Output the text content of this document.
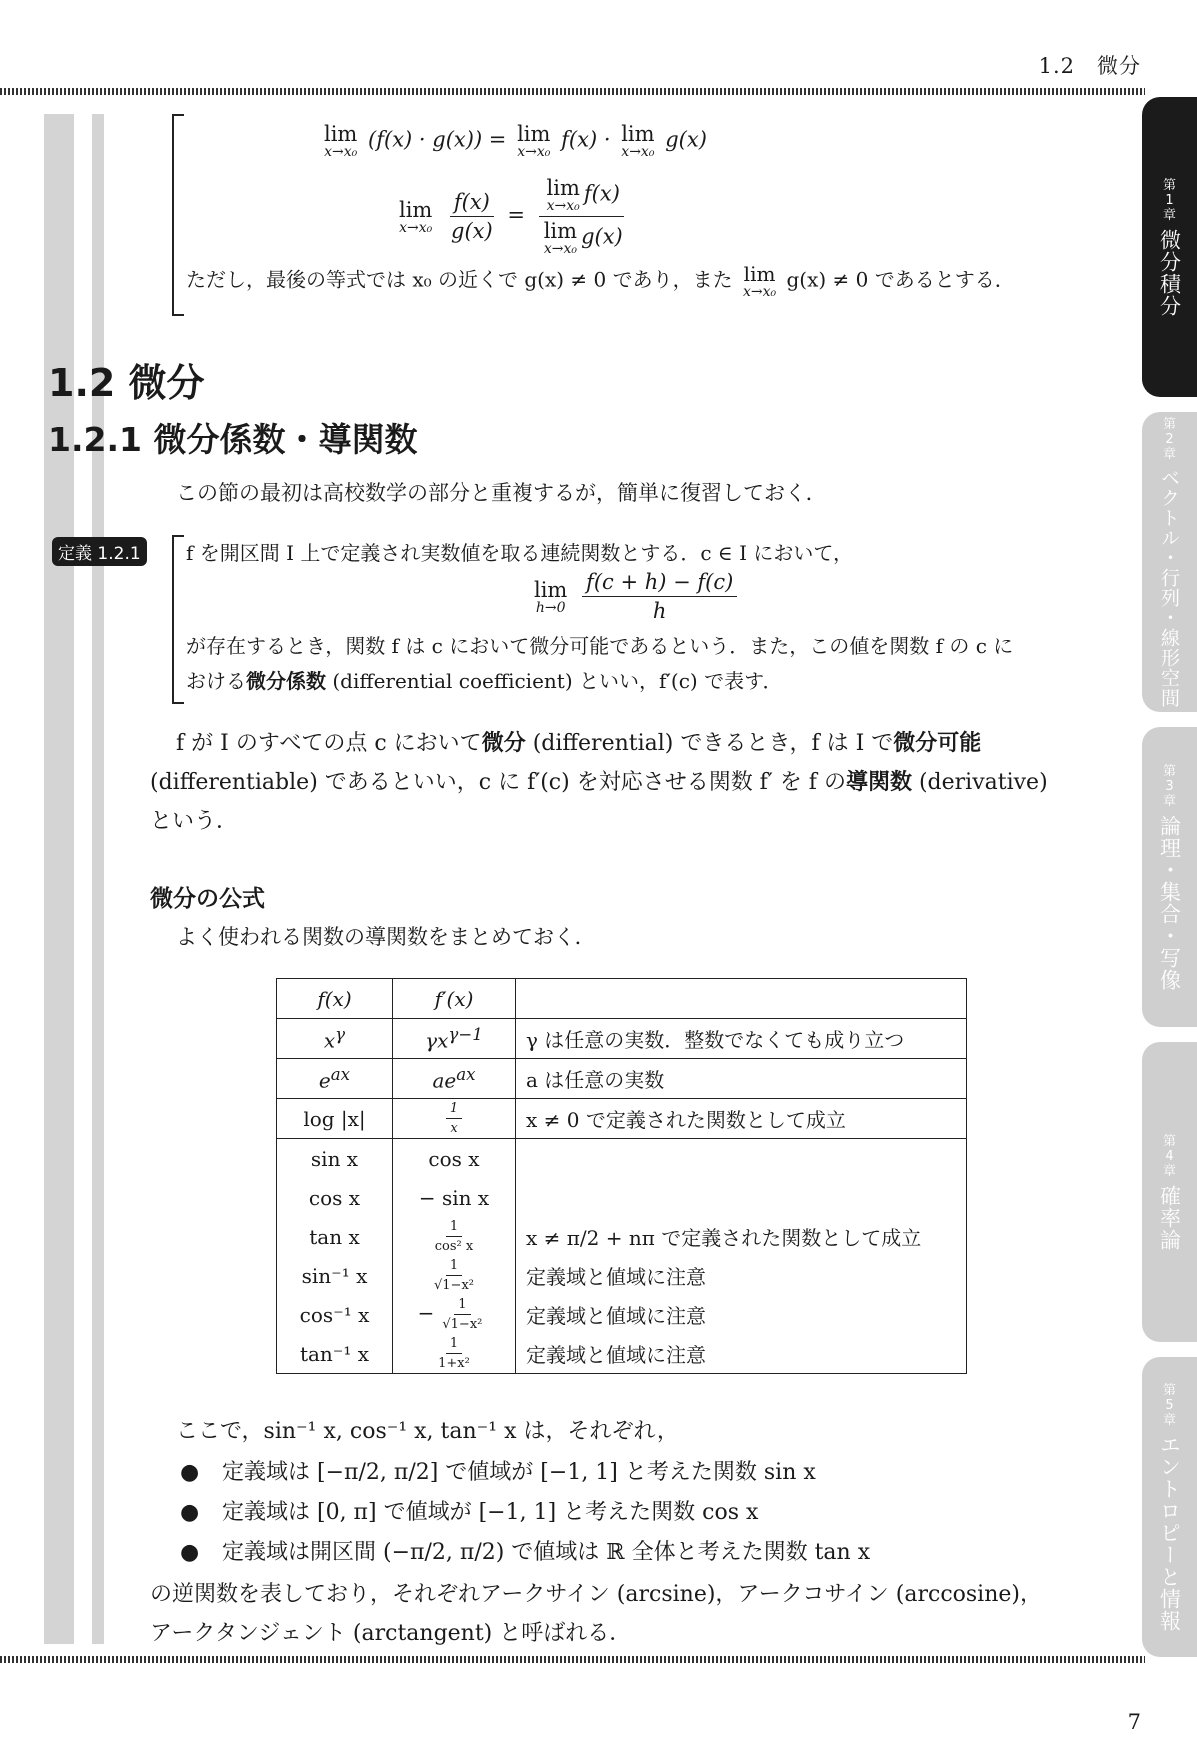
1.2　微分
第1章
微分積分
第2章
ベクトル・行列・線形空間
第3章
論理・集合・写像
第4章
確率論
第5章
エントロピーと情報
lim
x→x₀
(f(x) · g(x)) = lim
x→x₀
f(x) · lim
x→x₀
g(x)
lim
x→x₀
$\frac{f(x)}{g(x)} = \lim$
x→x₀
f(x)
lim
x→x₀
g(x)
ただし，最後の等式では x₀ の近くで g(x) ≠ 0 であり，また lim
x→x₀
g(x) ≠ 0 であるとする．
1.2 微分
1.2.1 微分係数・導関数
この節の最初は高校数学の部分と重複するが，簡単に復習しておく．
定義 1.2.1	f を開区間 I 上で定義され実数値を取る連続関数とする．c ∈ I において，
lim
h→0
$\frac{f(c + h) - f(c)}{h}$
が存在するとき，関数 f は c において微分可能であるという．また，この値を関数 f の c に
おける微分係数 (differential coefficient) といい，f′(c) で表す．
f が I のすべての点 c において微分 (differential) できるとき，f は I で微分可能
(differentiable) であるといい，c に f′(c) を対応させる関数 f′ を f の導関数 (derivative)
という．
微分の公式
よく使われる関数の導関数をまとめておく．
f(x)	f′(x)	
$x^\gamma$	$\gamma x^{\gamma-1}$	γ は任意の実数．整数でなくても成り立つ
$e^{ax}$	$ae^{ax}$	a は任意の実数
log |x|	$\frac{1}{x}$	x ≠ 0 で定義された関数として成立
sin x	cos x	
cos x	− sin x	
tan x	$\frac{1}{\text{cos² x}}$	x ≠ π/2 + nπ で定義された関数として成立
sin⁻¹ x	$\frac{1}{\text{√1−x²}}$	定義域と値域に注意
cos⁻¹ x	− $\frac{1}{\text{√1−x²}}$	定義域と値域に注意
tan⁻¹ x	$\frac{1}{\text{1+x²}}$	定義域と値域に注意
ここで，sin⁻¹ x, cos⁻¹ x, tan⁻¹ x は，それぞれ，
● 定義域は [−π/2, π/2] で値域が [−1, 1] と考えた関数 sin x
● 定義域は [0, π] で値域が [−1, 1] と考えた関数 cos x
● 定義域は開区間 (−π/2, π/2) で値域は ℝ 全体と考えた関数 tan x
の逆関数を表しており，それぞれアークサイン (arcsine)，アークコサイン (arccosine)，
アークタンジェント (arctangent) と呼ばれる．
7
